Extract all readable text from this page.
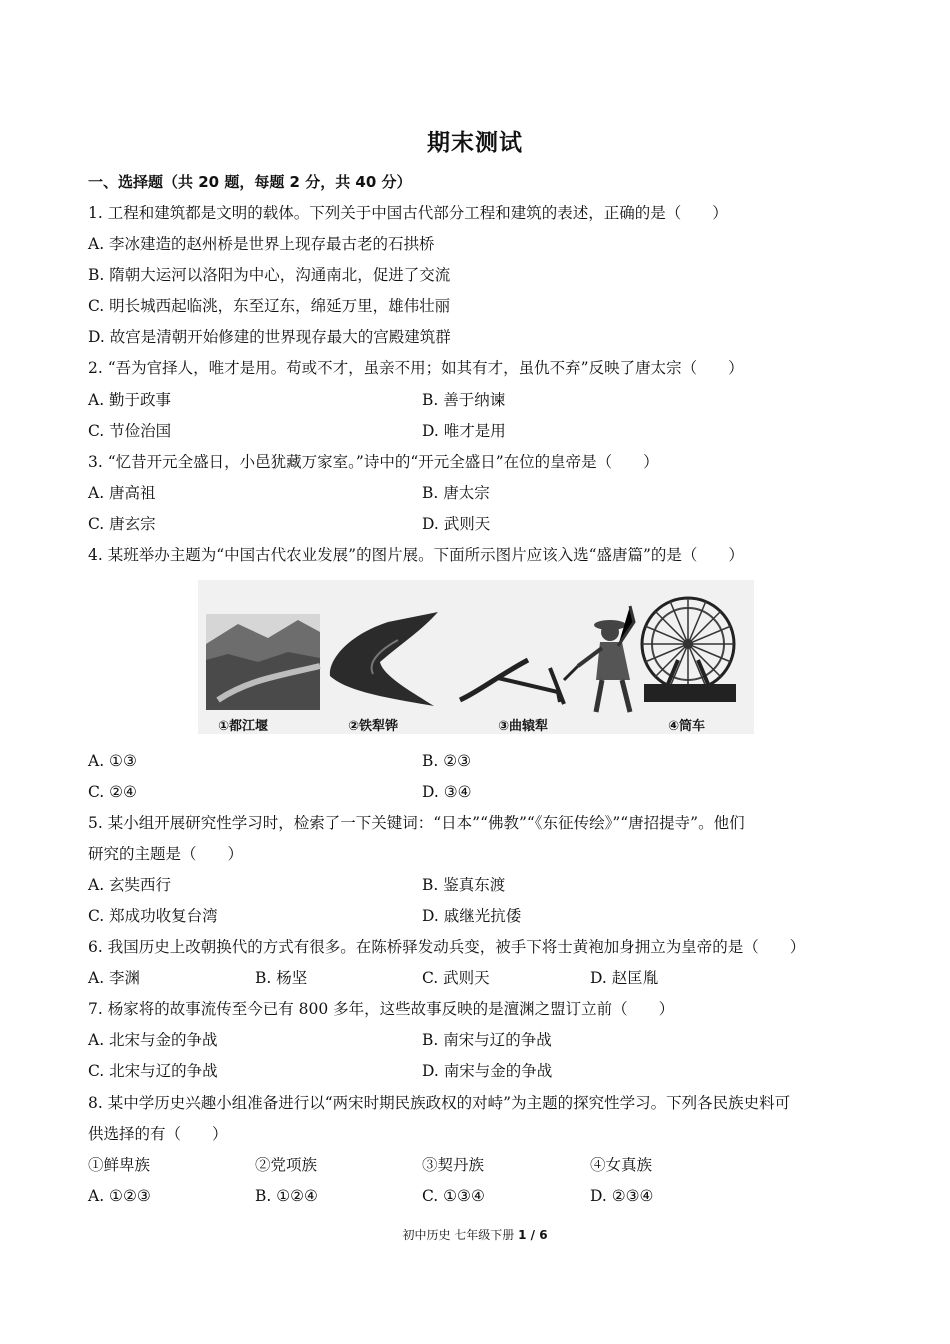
期末测试
一、选择题（共 20 题，每题 2 分，共 40 分）
1. 工程和建筑都是文明的载体。下列关于中国古代部分工程和建筑的表述，正确的是（　　）
A. 李冰建造的赵州桥是世界上现存最古老的石拱桥
B. 隋朝大运河以洛阳为中心，沟通南北，促进了交流
C. 明长城西起临洮，东至辽东，绵延万里，雄伟壮丽
D. 故宫是清朝开始修建的世界现存最大的宫殿建筑群
2. “吾为官择人，唯才是用。苟或不才，虽亲不用；如其有才，虽仇不弃”反映了唐太宗（　　）
A. 勤于政事	B. 善于纳谏
C. 节俭治国	D. 唯才是用
3. “忆昔开元全盛日，小邑犹藏万家室。”诗中的“开元全盛日”在位的皇帝是（　　）
A. 唐高祖	B. 唐太宗
C. 唐玄宗	D. 武则天
4. 某班举办主题为“中国古代农业发展”的图片展。下面所示图片应该入选“盛唐篇”的是（　　）
①都江堰	②铁犁铧	③曲辕犁	④筒车
A. ①③	B. ②③
C. ②④	D. ③④
5. 某小组开展研究性学习时，检索了一下关键词：“日本”“佛教”“《东征传绘》”“唐招提寺”。他们
研究的主题是（　　）
A. 玄奘西行	B. 鉴真东渡
C. 郑成功收复台湾	D. 戚继光抗倭
6. 我国历史上改朝换代的方式有很多。在陈桥驿发动兵变，被手下将士黄袍加身拥立为皇帝的是（　　）
A. 李渊	B. 杨坚	C. 武则天	D. 赵匡胤
7. 杨家将的故事流传至今已有 800 多年，这些故事反映的是澶渊之盟订立前（　　）
A. 北宋与金的争战	B. 南宋与辽的争战
C. 北宋与辽的争战	D. 南宋与金的争战
8. 某中学历史兴趣小组准备进行以“两宋时期民族政权的对峙”为主题的探究性学习。下列各民族史料可
供选择的有（　　）
①鲜卑族	②党项族	③契丹族	④女真族
A. ①②③	B. ①②④	C. ①③④	D. ②③④
初中历史 七年级下册 1 / 6
